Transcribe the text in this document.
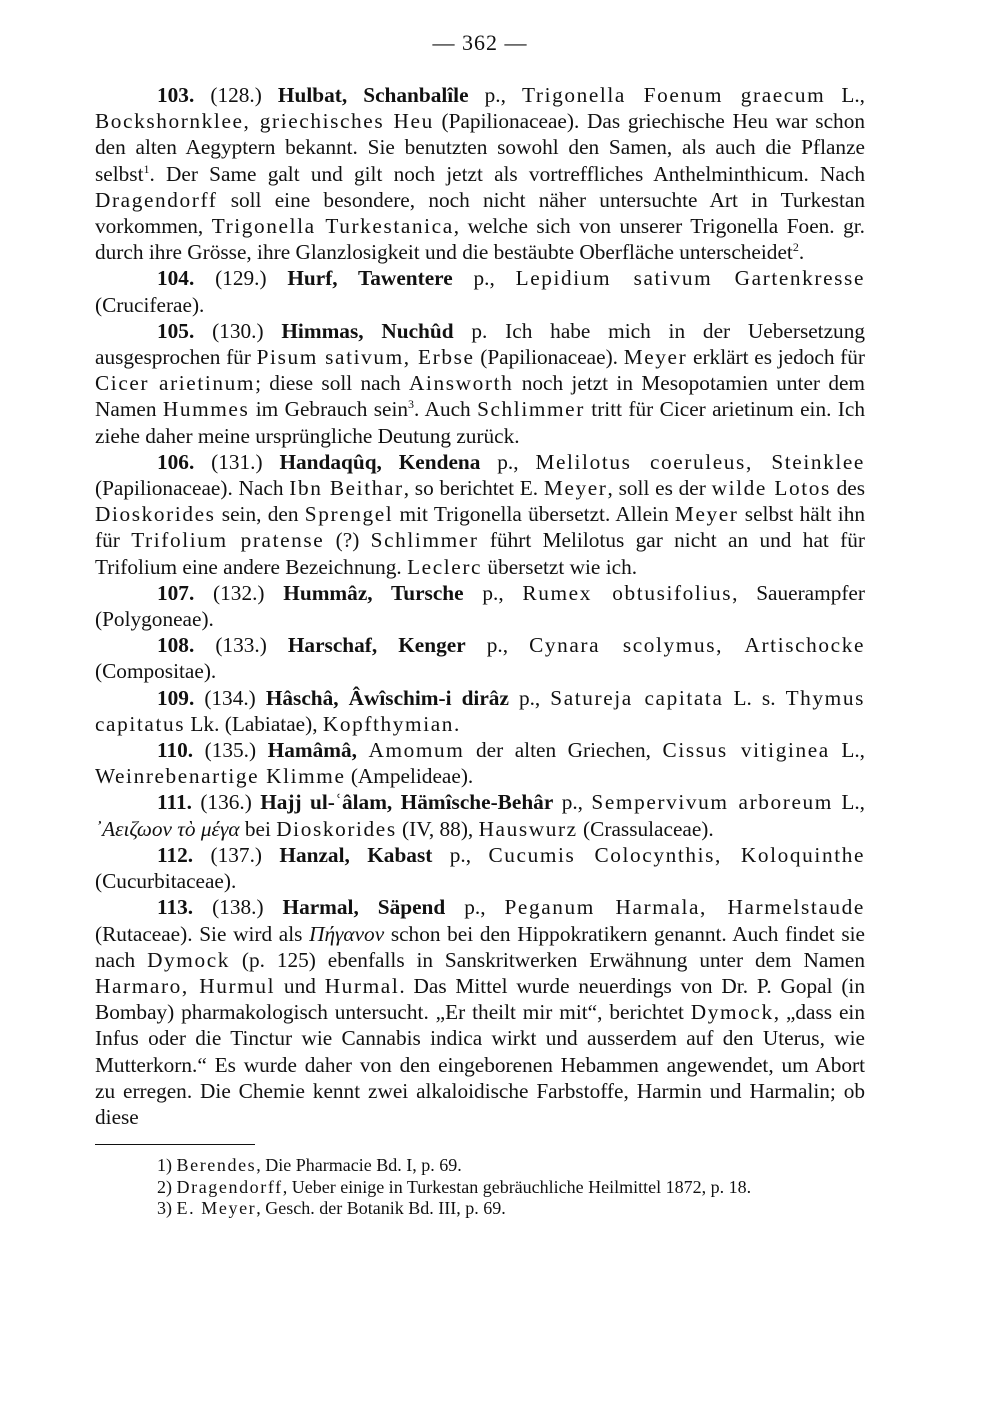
— 362 —

103. (128.) Hulbat, Schanbalîle p., Trigonella Foenum graecum L., Bockshornklee, griechisches Heu (Papilionaceae). Das griechische Heu war schon den alten Aegyptern bekannt. Sie benutzten sowohl den Samen, als auch die Pflanze selbst$^1$. Der Same galt und gilt noch jetzt als vortreffliches Anthelminthicum. Nach Dragendorff soll eine besondere, noch nicht näher untersuchte Art in Turkestan vorkommen, Trigonella Turkestanica, welche sich von unserer Trigonella Foen. gr. durch ihre Grösse, ihre Glanzlosigkeit und die bestäubte Oberfläche unterscheidet$^2$.

104. (129.) Hurf, Tawentere p., Lepidium sativum Gartenkresse (Cruciferae).

105. (130.) Himmas, Nuchûd p. Ich habe mich in der Uebersetzung ausgesprochen für Pisum sativum, Erbse (Papilionaceae). Meyer erklärt es jedoch für Cicer arietinum; diese soll nach Ainsworth noch jetzt in Mesopotamien unter dem Namen Hummes im Gebrauch sein$^3$. Auch Schlimmer tritt für Cicer arietinum ein. Ich ziehe daher meine ursprüngliche Deutung zurück.

106. (131.) Handaqûq, Kendena p., Melilotus coeruleus, Steinklee (Papilionaceae). Nach Ibn Beithar, so berichtet E. Meyer, soll es der wilde Lotos des Dioskorides sein, den Sprengel mit Trigonella übersetzt. Allein Meyer selbst hält ihn für Trifolium pratense (?) Schlimmer führt Melilotus gar nicht an und hat für Trifolium eine andere Bezeichnung. Leclerc übersetzt wie ich.

107. (132.) Hummâz, Tursche p., Rumex obtusifolius, Sauerampfer (Polygoneae).

108. (133.) Harschaf, Kenger p., Cynara scolymus, Artischocke (Compositae).

109. (134.) Hâschâ, Âwîschim-i dirâz p., Satureja capitata L. s. Thymus capitatus Lk. (Labiatae), Kopfthymian.

110. (135.) Hamâmâ, Amomum der alten Griechen, Cissus vitiginea L., Weinrebenartige Klimme (Ampelideae).

111. (136.) Hajj ul-ʿâlam, Hämîsche-Behâr p., Sempervivum arboreum L., ᾿Αειζωον τὸ μέγα bei Dioskorides (IV, 88), Hauswurz (Crassulaceae).

112. (137.) Hanzal, Kabast p., Cucumis Colocynthis, Koloquinthe (Cucurbitaceae).

113. (138.) Harmal, Säpend p., Peganum Harmala, Harmelstaude (Rutaceae). Sie wird als Πήγανον schon bei den Hippokratikern genannt. Auch findet sie nach Dymock (p. 125) ebenfalls in Sanskritwerken Erwähnung unter dem Namen Harmaro, Hurmul und Hurmal. Das Mittel wurde neuerdings von Dr. P. Gopal (in Bombay) pharmakologisch untersucht. „Er theilt mir mit“, berichtet Dymock, „dass ein Infus oder die Tinctur wie Cannabis indica wirkt und ausserdem auf den Uterus, wie Mutterkorn.“ Es wurde daher von den eingeborenen Hebammen angewendet, um Abort zu erregen. Die Chemie kennt zwei alkaloidische Farbstoffe, Harmin und Harmalin; ob diese

1) Berendes, Die Pharmacie Bd. I, p. 69.

2) Dragendorff, Ueber einige in Turkestan gebräuchliche Heilmittel 1872, p. 18.

3) E. Meyer, Gesch. der Botanik Bd. III, p. 69.
